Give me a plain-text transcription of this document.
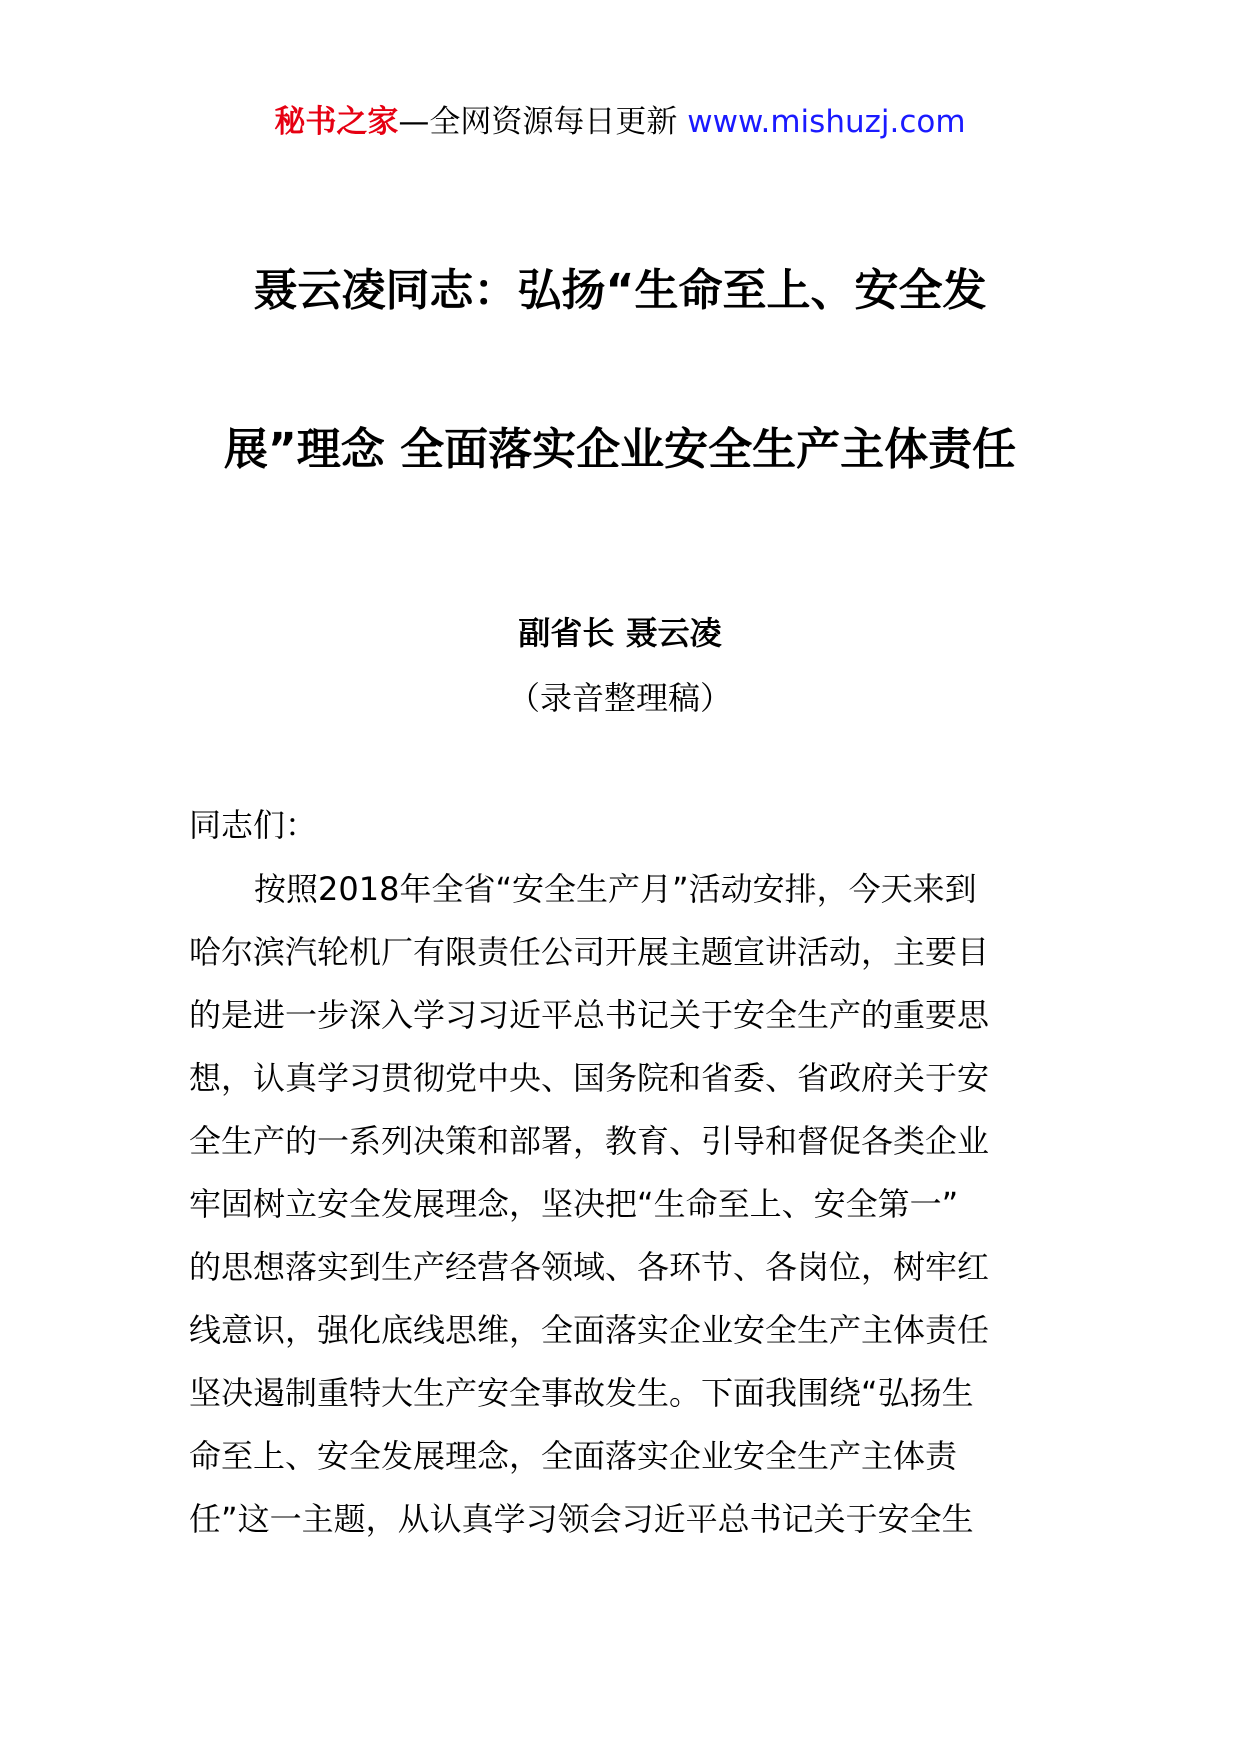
秘书之家—全网资源每日更新 www.mishuzj.com
聂云凌同志：弘扬“生命至上、安全发
展”理念 全面落实企业安全生产主体责任
副省长 聂云凌
（录音整理稿）
同志们：
按照2018年全省“安全生产月”活动安排，今天来到
哈尔滨汽轮机厂有限责任公司开展主题宣讲活动，主要目
的是进一步深入学习习近平总书记关于安全生产的重要思
想，认真学习贯彻党中央、国务院和省委、省政府关于安
全生产的一系列决策和部署，教育、引导和督促各类企业
牢固树立安全发展理念，坚决把“生命至上、安全第一”
的思想落实到生产经营各领域、各环节、各岗位，树牢红
线意识，强化底线思维，全面落实企业安全生产主体责任
坚决遏制重特大生产安全事故发生。下面我围绕“弘扬生
命至上、安全发展理念，全面落实企业安全生产主体责
任”这一主题，从认真学习领会习近平总书记关于安全生
